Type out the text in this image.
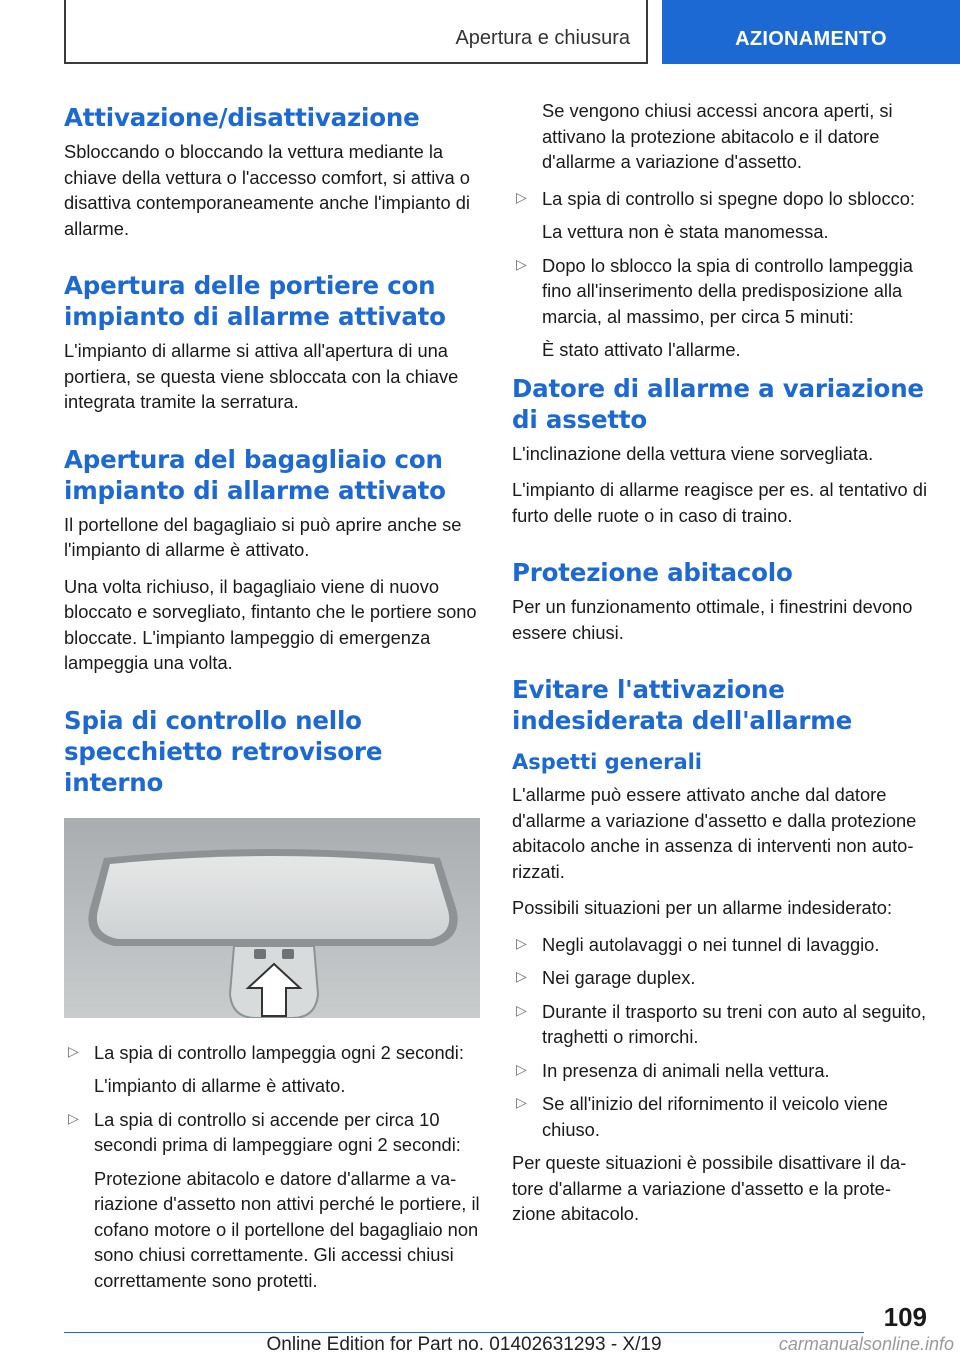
Apertura e chiusura	AZIONAMENTO
Attivazione/disattivazione

Sbloccando o bloccando la vettura mediante la chiave della vettura o l'accesso comfort, si attiva o disattiva contemporaneamente anche l'impianto di allarme.

Apertura delle portiere con impianto di allarme attivato

L'impianto di allarme si attiva all'apertura di una portiera, se questa viene sbloccata con la chiave integrata tramite la serratura.

Apertura del bagagliaio con impianto di allarme attivato

Il portellone del bagagliaio si può aprire anche se l'impianto di allarme è attivato.

Una volta richiuso, il bagagliaio viene di nuovo bloccato e sorvegliato, fintanto che le portiere sono bloccate. L'impianto lampeggio di emergenza lampeggia una volta.

Spia di controllo nello specchietto retrovisore interno
▷ La spia di controllo lampeggia ogni 2 secondi:

L'impianto di allarme è attivato.

▷ La spia di controllo si accende per circa 10 secondi prima di lampeggiare ogni 2 secondi:

Protezione abitacolo e datore d'allarme a variazione d'assetto non attivi perché le portiere, il cofano motore o il portellone del bagagliaio non sono chiusi correttamente. Gli accessi chiusi correttamente sono protetti.

Se vengono chiusi accessi ancora aperti, si attivano la protezione abitacolo e il datore d'allarme a variazione d'assetto.

▷ La spia di controllo si spegne dopo lo sblocco:

La vettura non è stata manomessa.

▷ Dopo lo sblocco la spia di controllo lampeggia fino all'inserimento della predisposizione alla marcia, al massimo, per circa 5 minuti:

È stato attivato l'allarme.

Datore di allarme a variazione di assetto

L'inclinazione della vettura viene sorvegliata.

L'impianto di allarme reagisce per es. al tentativo di furto delle ruote o in caso di traino.

Protezione abitacolo

Per un funzionamento ottimale, i finestrini devono essere chiusi.

Evitare l'attivazione indesiderata dell'allarme
Aspetti generali

L'allarme può essere attivato anche dal datore d'allarme a variazione d'assetto e dalla protezione abitacolo anche in assenza di interventi non autorizzati.

Possibili situazioni per un allarme indesiderato:

▷ Negli autolavaggi o nei tunnel di lavaggio.

▷ Nei garage duplex.

▷ Durante il trasporto su treni con auto al seguito, traghetti o rimorchi.

▷ In presenza di animali nella vettura.

▷ Se all'inizio del rifornimento il veicolo viene chiuso.

Per queste situazioni è possibile disattivare il datore d'allarme a variazione d'assetto e la protezione abitacolo.

109
Online Edition for Part no. 01402631293 - X/19	carmanualsonline.info
